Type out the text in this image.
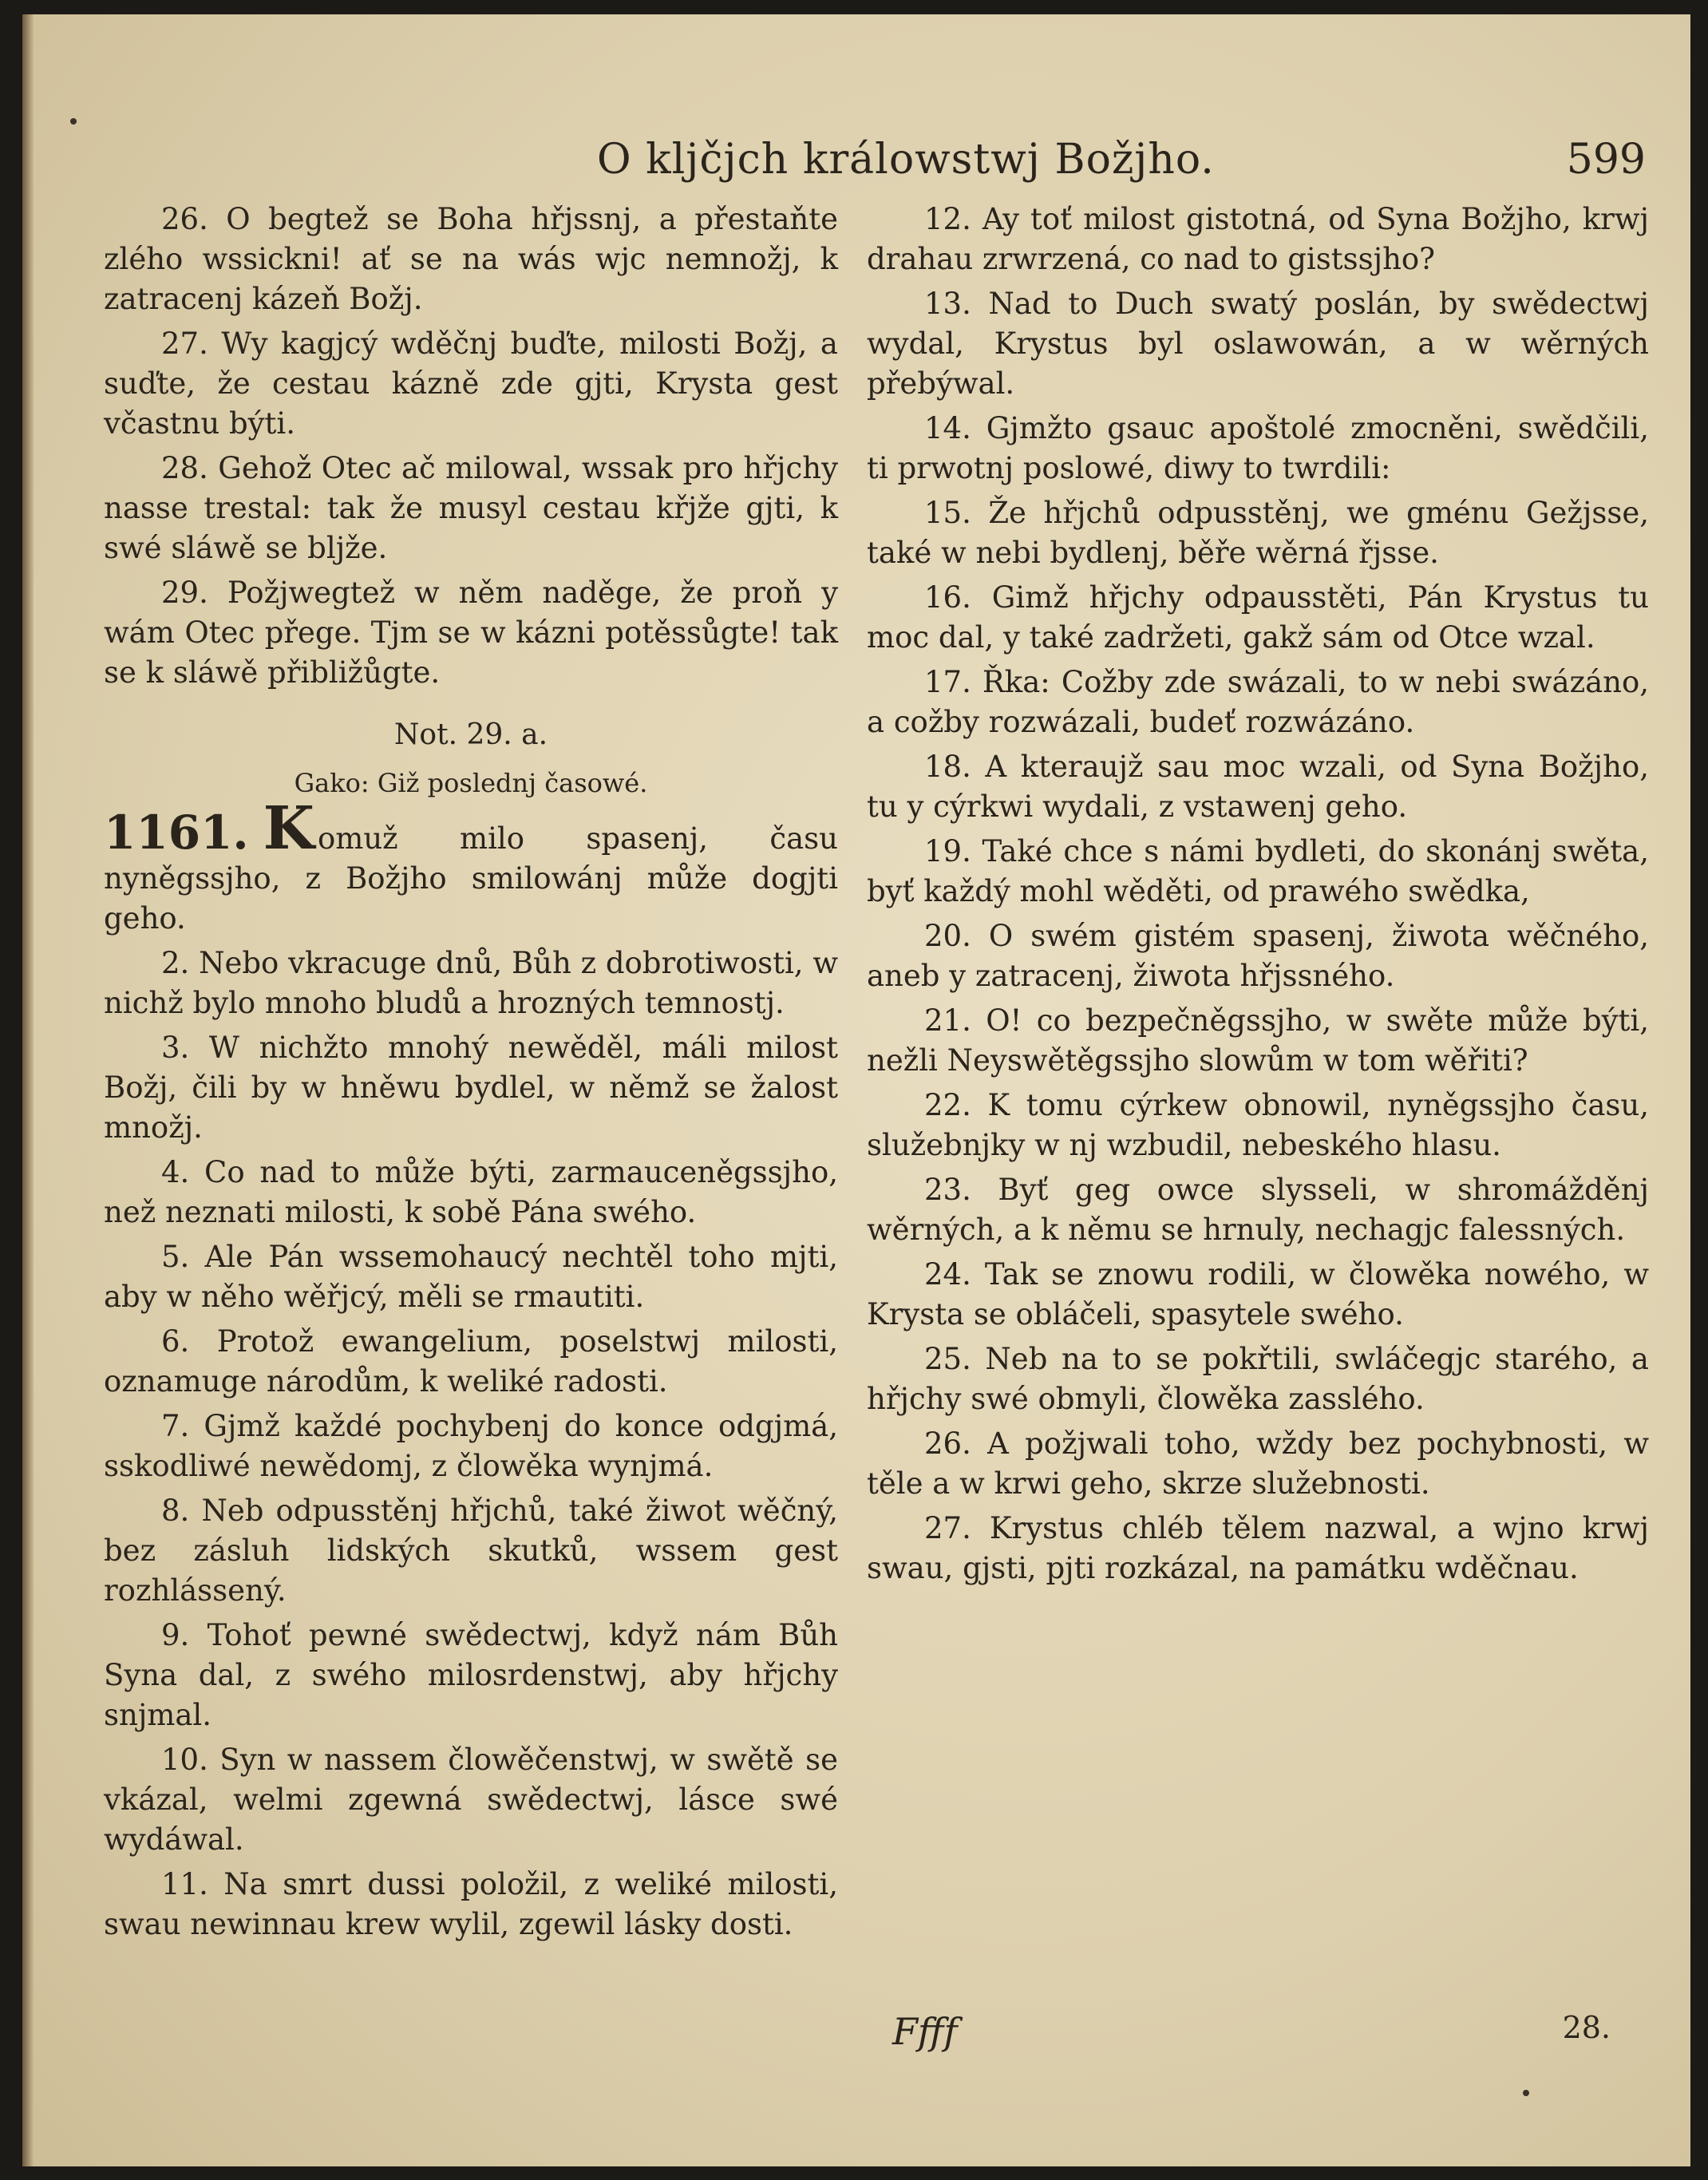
O kljčjch králowstwj Božjho.	599

26. O begtež se Boha hřjssnj, a přestaňte zlého wssickni! ať se na wás wjc nemnožj, k zatracenj kázeň Božj.

27. Wy kagjcý wděčnj buďte, milosti Božj, a suďte, že cestau kázně zde gjti, Krysta gest včastnu býti.

28. Gehož Otec ač milowal, wssak pro hřjchy nasse trestal: tak že musyl cestau křjže gjti, k swé sláwě se bljže.

29. Požjwegtež w něm naděge, že proň y wám Otec přege. Tjm se w kázni potěssůgte! tak se k sláwě přibližůgte.

Not. 29. a.
Gako: Giž poslednj časowé.

1161. K omuž milo spasenj, času nyněgssjho, z Božjho smilowánj může dogjti geho.

2. Nebo vkracuge dnů, Bůh z dobrotiwosti, w nichž bylo mnoho bludů a hrozných temnostj.

3. W nichžto mnohý newěděl, máli milost Božj, čili by w hněwu bydlel, w němž se žalost množj.

4. Co nad to může býti, zarmauceněgssjho, než neznati milosti, k sobě Pána swého.

5. Ale Pán wssemohaucý nechtěl toho mjti, aby w něho wěřjcý, měli se rmautiti.

6. Protož ewangelium, poselstwj milosti, oznamuge národům, k weliké radosti.

7. Gjmž každé pochybenj do konce odgjmá, sskodliwé newědomj, z člowěka wynjmá.

8. Neb odpusstěnj hřjchů, také žiwot wěčný, bez zásluh lidských skutků, wssem gest rozhlássený.

9. Tohoť pewné swědectwj, když nám Bůh Syna dal, z swého milosrdenstwj, aby hřjchy snjmal.

10. Syn w nassem člowěčenstwj, w swětě se vkázal, welmi zgewná swědectwj, lásce swé wydáwal.

11. Na smrt dussi položil, z weliké milosti, swau newinnau krew wylil, zgewil lásky dosti.

12. Ay toť milost gistotná, od Syna Božjho, krwj drahau zrwrzená, co nad to gistssjho?

13. Nad to Duch swatý poslán, by swědectwj wydal, Krystus byl oslawowán, a w wěrných přebýwal.

14. Gjmžto gsauc apoštolé zmocněni, swědčili, ti prwotnj poslowé, diwy to twrdili:

15. Že hřjchů odpusstěnj, we gménu Gežjsse, také w nebi bydlenj, běře wěrná řjsse.

16. Gimž hřjchy odpausstěti, Pán Krystus tu moc dal, y také zadržeti, gakž sám od Otce wzal.

17. Řka: Cožby zde swázali, to w nebi swázáno, a cožby rozwázali, budeť rozwázáno.

18. A kteraujž sau moc wzali, od Syna Božjho, tu y cýrkwi wydali, z vstawenj geho.

19. Také chce s námi bydleti, do skonánj swěta, byť každý mohl wěděti, od prawého swědka,

20. O swém gistém spasenj, žiwota wěčného, aneb y zatracenj, žiwota hřjssného.

21. O! co bezpečněgssjho, w swěte může býti, nežli Neyswětěgssjho slowům w tom wěřiti?

22. K tomu cýrkew obnowil, nyněgssjho času, služebnjky w nj wzbudil, nebeského hlasu.

23. Byť geg owce slysseli, w shromážděnj wěrných, a k němu se hrnuly, nechagjc falessných.

24. Tak se znowu rodili, w člowěka nowého, w Krysta se obláčeli, spasytele swého.

25. Neb na to se pokřtili, swláčegjc starého, a hřjchy swé obmyli, člowěka zasslého.

26. A požjwali toho, wždy bez pochybnosti, w těle a w krwi geho, skrze služebnosti.

27. Krystus chléb tělem nazwal, a wjno krwj swau, gjsti, pjti rozkázal, na památku wděčnau.

Ffff	28.
